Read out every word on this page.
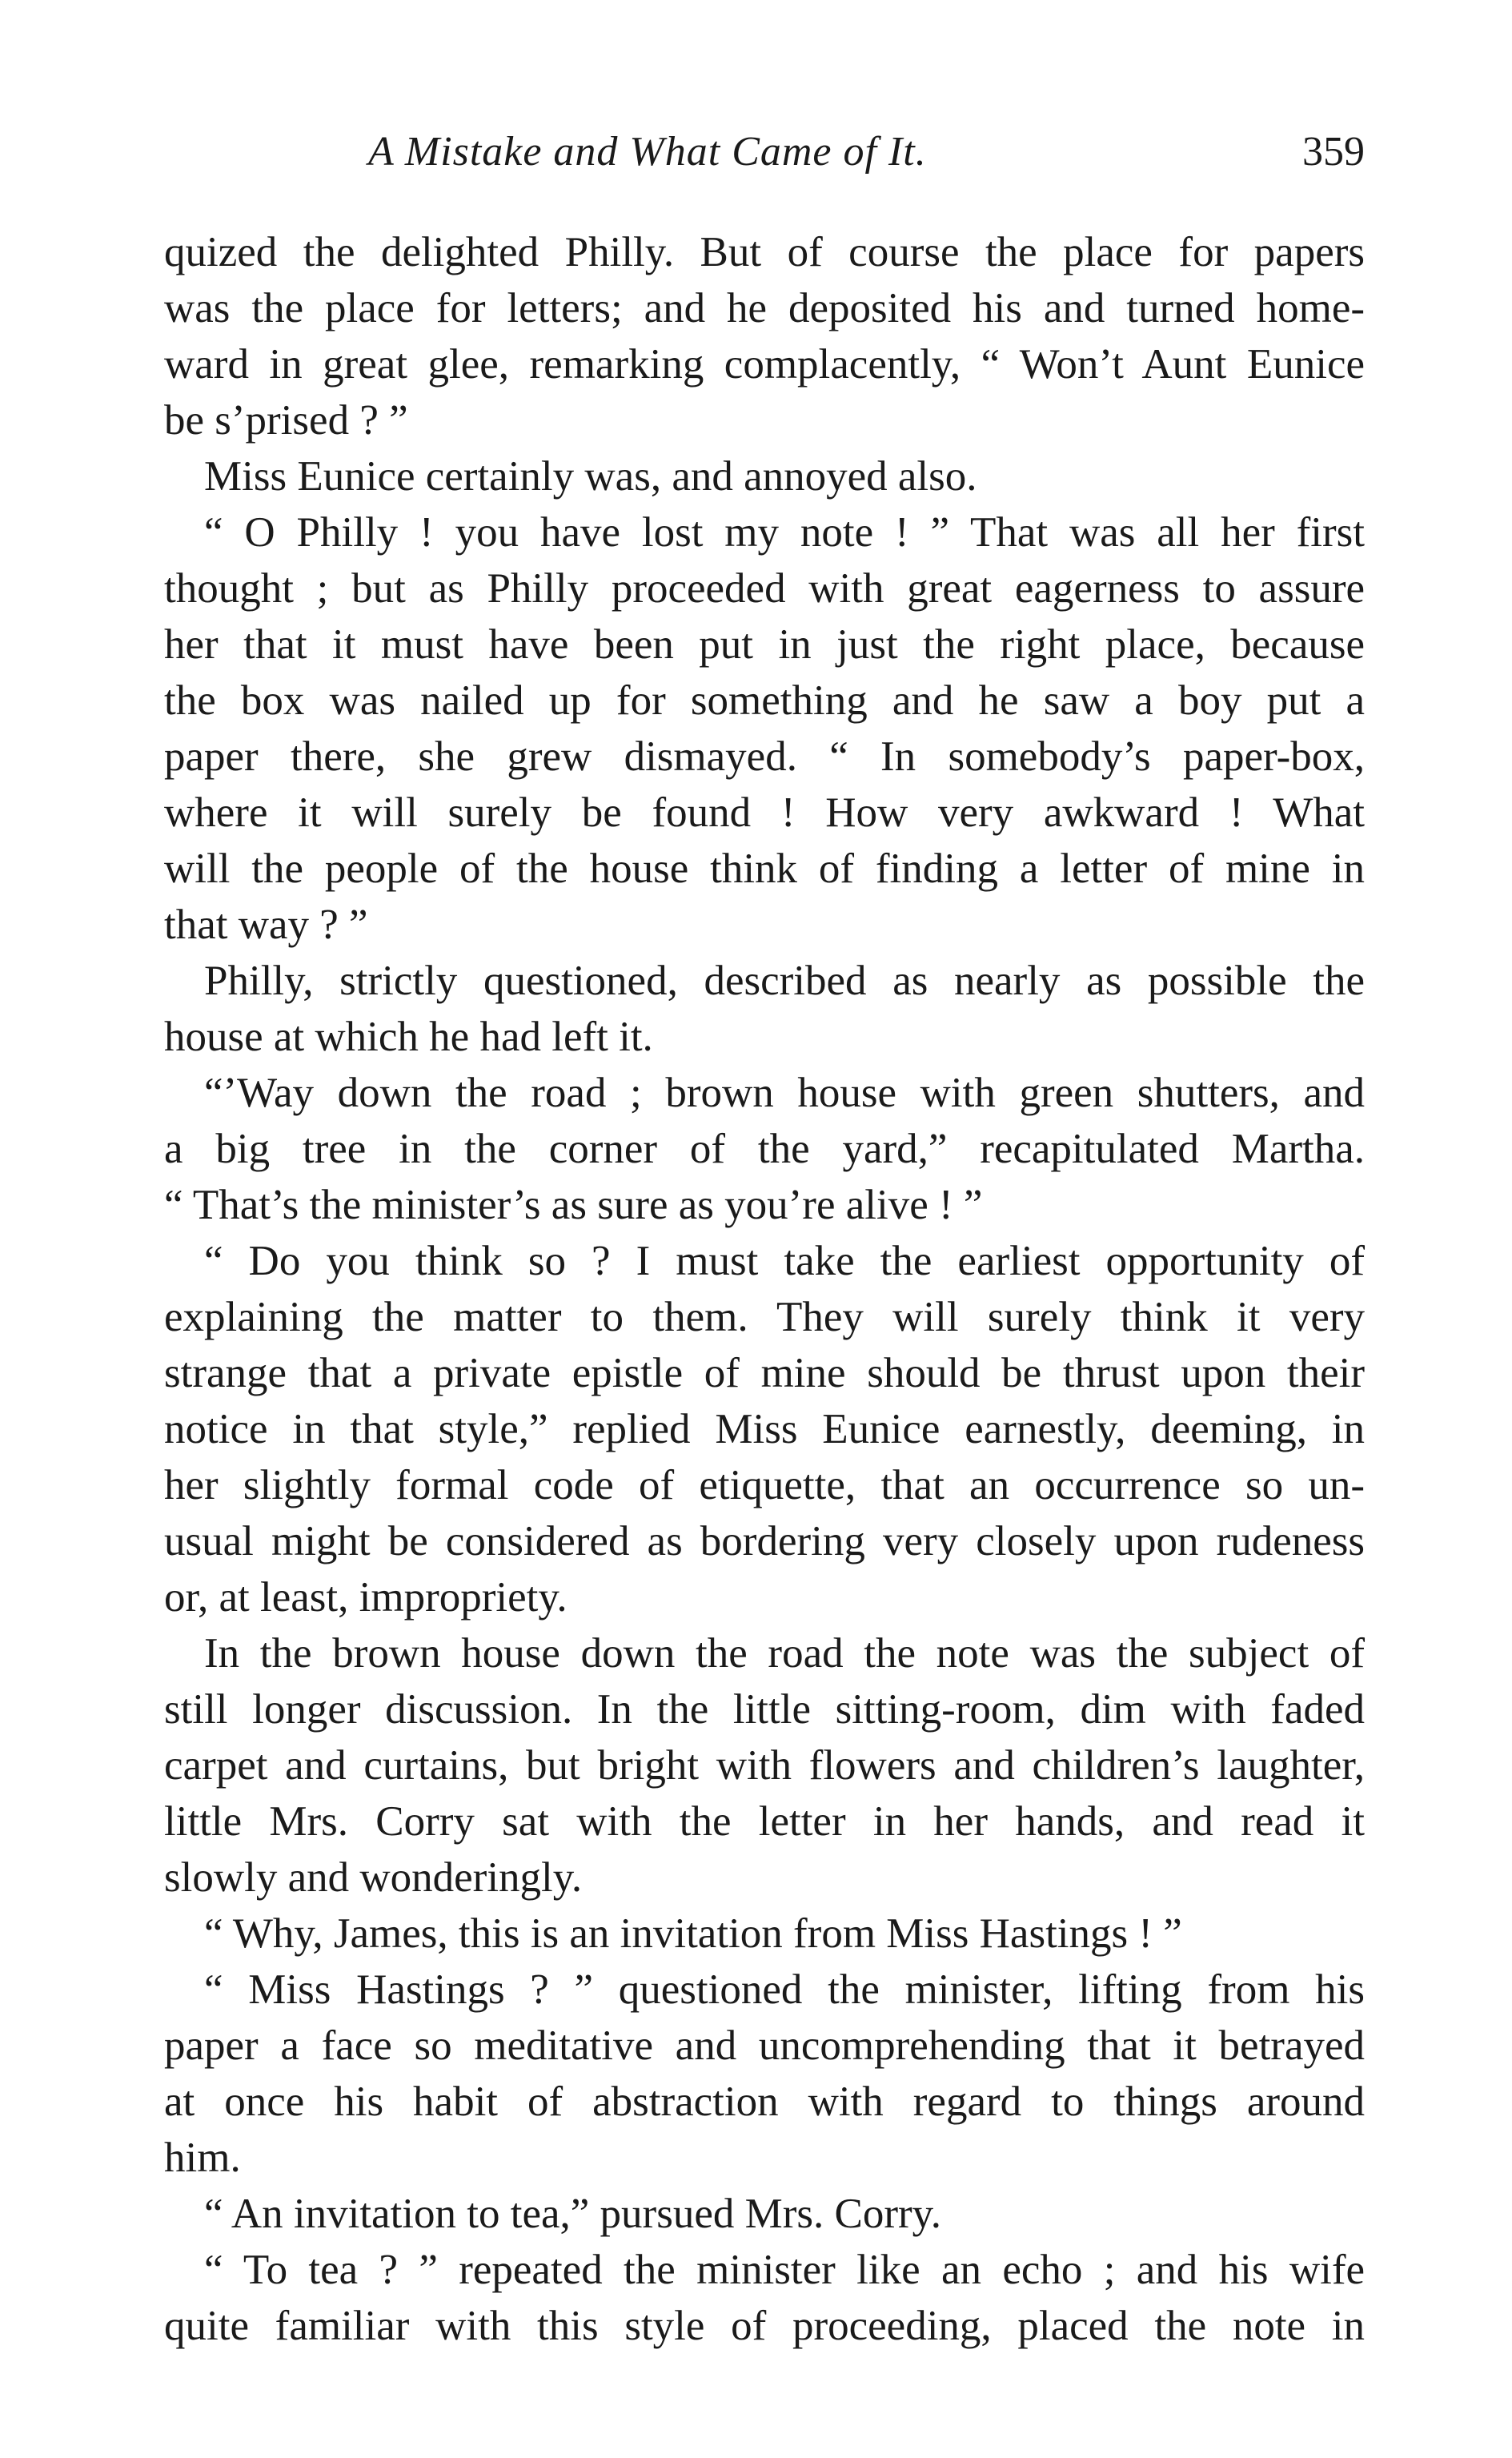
A Mistake and What Came of It.	359
quized the delighted Philly. But of course the place for papers
was the place for letters; and he deposited his and turned home-
ward in great glee, remarking complacently, “ Won’t Aunt Eunice
be s’prised ? ”
Miss Eunice certainly was, and annoyed also.
“ O Philly ! you have lost my note ! ” That was all her first
thought ; but as Philly proceeded with great eagerness to assure
her that it must have been put in just the right place, because
the box was nailed up for something and he saw a boy put a
paper there, she grew dismayed. “ In somebody’s paper-box,
where it will surely be found ! How very awkward ! What
will the people of the house think of finding a letter of mine in
that way ? ”
Philly, strictly questioned, described as nearly as possible the
house at which he had left it.
“’Way down the road ; brown house with green shutters, and
a big tree in the corner of the yard,” recapitulated Martha.
“ That’s the minister’s as sure as you’re alive ! ”
“ Do you think so ? I must take the earliest opportunity of
explaining the matter to them. They will surely think it very
strange that a private epistle of mine should be thrust upon their
notice in that style,” replied Miss Eunice earnestly, deeming, in
her slightly formal code of etiquette, that an occurrence so un-
usual might be considered as bordering very closely upon rudeness
or, at least, impropriety.
In the brown house down the road the note was the subject of
still longer discussion. In the little sitting-room, dim with faded
carpet and curtains, but bright with flowers and children’s laughter,
little Mrs. Corry sat with the letter in her hands, and read it
slowly and wonderingly.
“ Why, James, this is an invitation from Miss Hastings ! ”
“ Miss Hastings ? ” questioned the minister, lifting from his
paper a face so meditative and uncomprehending that it betrayed
at once his habit of abstraction with regard to things around
him.
“ An invitation to tea,” pursued Mrs. Corry.
“ To tea ? ” repeated the minister like an echo ; and his wife
quite familiar with this style of proceeding, placed the note in
